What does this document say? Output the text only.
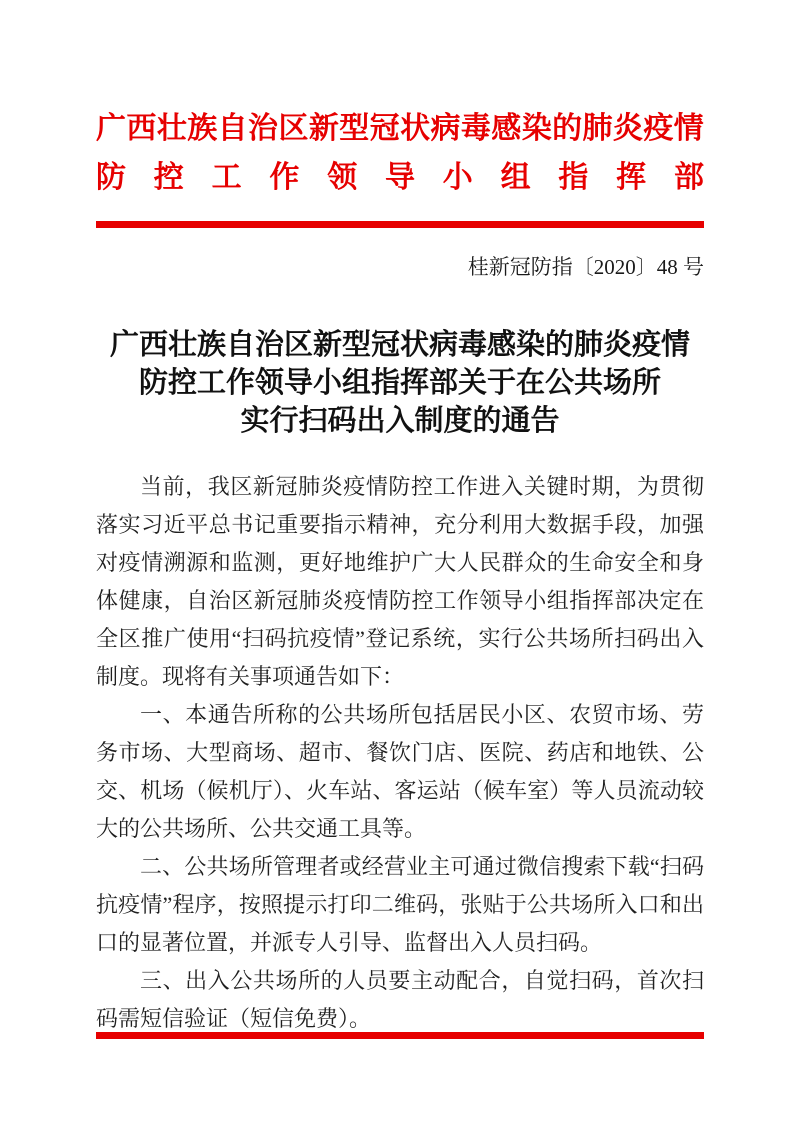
广 西 壮 族 自 治 区 新 型 冠 状 病 毒 感 染 的 肺 炎 疫 情
防 控 工 作 领 导 小 组 指 挥 部
桂新冠防指〔2020〕48 号
广西壮族自治区新型冠状病毒感染的肺炎疫情
防控工作领导小组指挥部关于在公共场所
实行扫码出入制度的通告

当前，我区新冠肺炎疫情防控工作进入关键时期，为贯彻落实习近平总书记重要指示精神，充分利用大数据手段，加强对疫情溯源和监测，更好地维护广大人民群众的生命安全和身体健康，自治区新冠肺炎疫情防控工作领导小组指挥部决定在全区推广使用“扫码抗疫情”登记系统，实行公共场所扫码出入制度。现将有关事项通告如下：

一、本通告所称的公共场所包括居民小区、农贸市场、劳务市场、大型商场、超市、餐饮门店、医院、药店和地铁、公交、机场（候机厅）、火车站、客运站（候车室）等人员流动较大的公共场所、公共交通工具等。

二、公共场所管理者或经营业主可通过微信搜索下载“扫码抗疫情”程序，按照提示打印二维码，张贴于公共场所入口和出口的显著位置，并派专人引导、监督出入人员扫码。

三、出入公共场所的人员要主动配合，自觉扫码，首次扫码需短信验证（短信免费）。
